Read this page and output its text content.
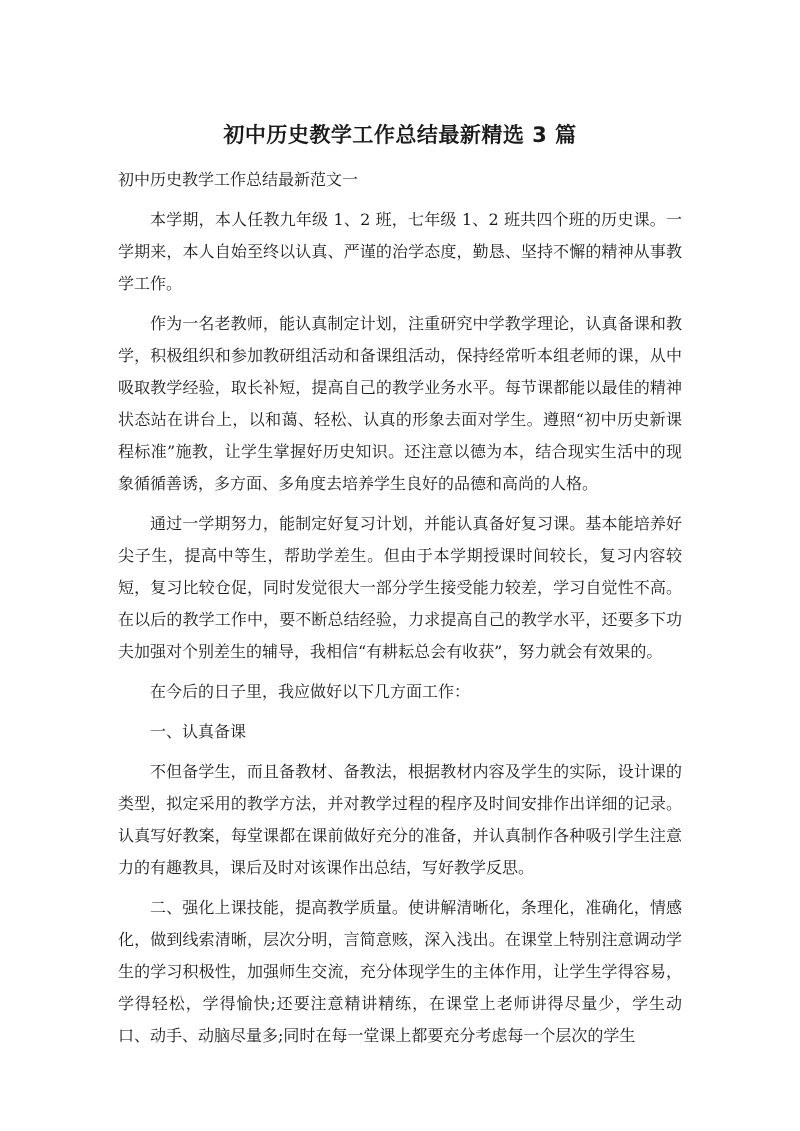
初中历史教学工作总结最新精选 3 篇

初中历史教学工作总结最新范文一

本学期，本人任教九年级 1、2 班，七年级 1、2 班共四个班的历史课。一学期来，本人自始至终以认真、严谨的治学态度，勤恳、坚持不懈的精神从事教学工作。

作为一名老教师，能认真制定计划，注重研究中学教学理论，认真备课和教学，积极组织和参加教研组活动和备课组活动，保持经常听本组老师的课，从中吸取教学经验，取长补短，提高自己的教学业务水平。每节课都能以最佳的精神状态站在讲台上，以和蔼、轻松、认真的形象去面对学生。遵照“初中历史新课程标准”施教，让学生掌握好历史知识。还注意以德为本，结合现实生活中的现象循循善诱，多方面、多角度去培养学生良好的品德和高尚的人格。

通过一学期努力，能制定好复习计划，并能认真备好复习课。基本能培养好尖子生，提高中等生，帮助学差生。但由于本学期授课时间较长，复习内容较短，复习比较仓促，同时发觉很大一部分学生接受能力较差，学习自觉性不高。在以后的教学工作中，要不断总结经验，力求提高自己的教学水平，还要多下功夫加强对个别差生的辅导，我相信“有耕耘总会有收获”，努力就会有效果的。

在今后的日子里，我应做好以下几方面工作：

一、认真备课

不但备学生，而且备教材、备教法，根据教材内容及学生的实际，设计课的类型，拟定采用的教学方法，并对教学过程的程序及时间安排作出详细的记录。认真写好教案，每堂课都在课前做好充分的准备，并认真制作各种吸引学生注意力的有趣教具，课后及时对该课作出总结，写好教学反思。

二、强化上课技能，提高教学质量。使讲解清晰化，条理化，准确化，情感化，做到线索清晰，层次分明，言简意赅，深入浅出。在课堂上特别注意调动学生的学习积极性，加强师生交流，充分体现学生的主体作用，让学生学得容易，学得轻松，学得愉快;还要注意精讲精练，在课堂上老师讲得尽量少，学生动口、动手、动脑尽量多;同时在每一堂课上都要充分考虑每一个层次的学生
